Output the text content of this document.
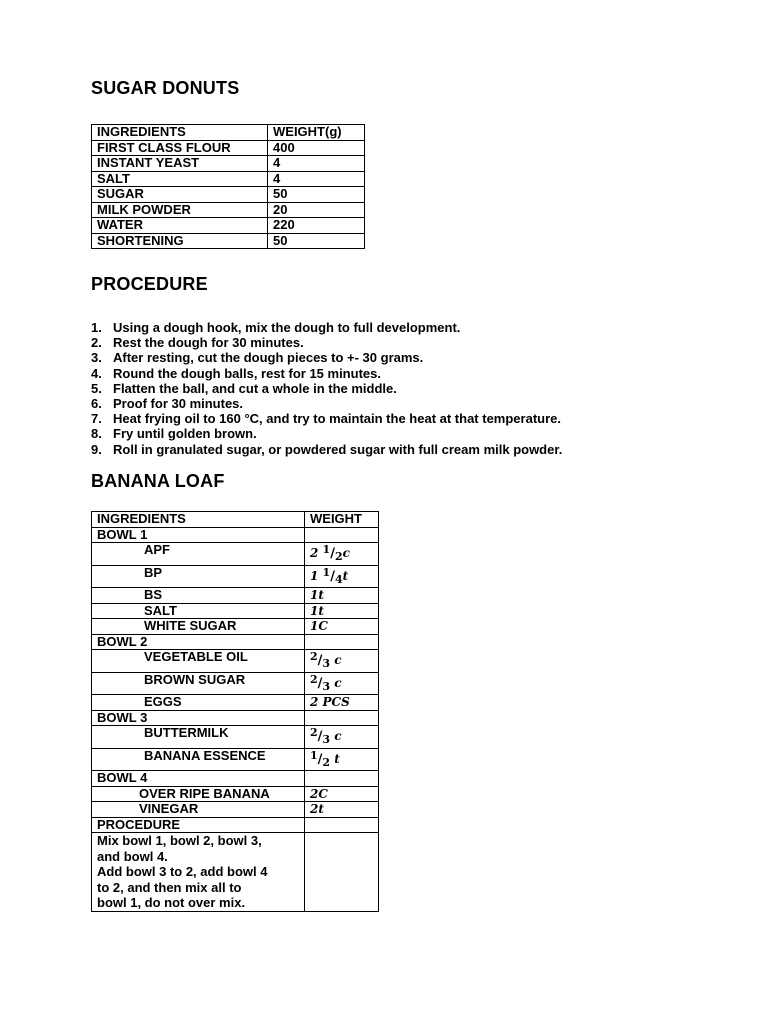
SUGAR DONUTS
INGREDIENTS	WEIGHT(g)
FIRST CLASS FLOUR	400
INSTANT YEAST	4
SALT	4
SUGAR	50
MILK POWDER	20
WATER	220
SHORTENING	50
PROCEDURE
1. Using a dough hook, mix the dough to full development.
2. Rest the dough for 30 minutes.
3. After resting, cut the dough pieces to +- 30 grams.
4. Round the dough balls, rest for 15 minutes.
5. Flatten the ball, and cut a whole in the middle.
6. Proof for 30 minutes.
7. Heat frying oil to 160 °C, and try to maintain the heat at that temperature.
8. Fry until golden brown.
9. Roll in granulated sugar, or powdered sugar with full cream milk powder.
BANANA LOAF
INGREDIENTS	WEIGHT
BOWL 1	
APF	2 $^1/_2c$
BP	1 $^1/_4t$
BS	1t
SALT	1t
WHITE SUGAR	1C
BOWL 2	
VEGETABLE OIL	$^2/_3$ c
BROWN SUGAR	$^2/_3$ c
EGGS	2 PCS
BOWL 3	
BUTTERMILK	$^2/_3$ c
BANANA ESSENCE	$^1/_2$ t
BOWL 4	
OVER RIPE BANANA	2C
VINEGAR	2t
PROCEDURE	

Mix bowl 1, bowl 2, bowl 3,
and bowl 4.
Add bowl 3 to 2, add bowl 4
to 2, and then mix all to
bowl 1, do not over mix.	
